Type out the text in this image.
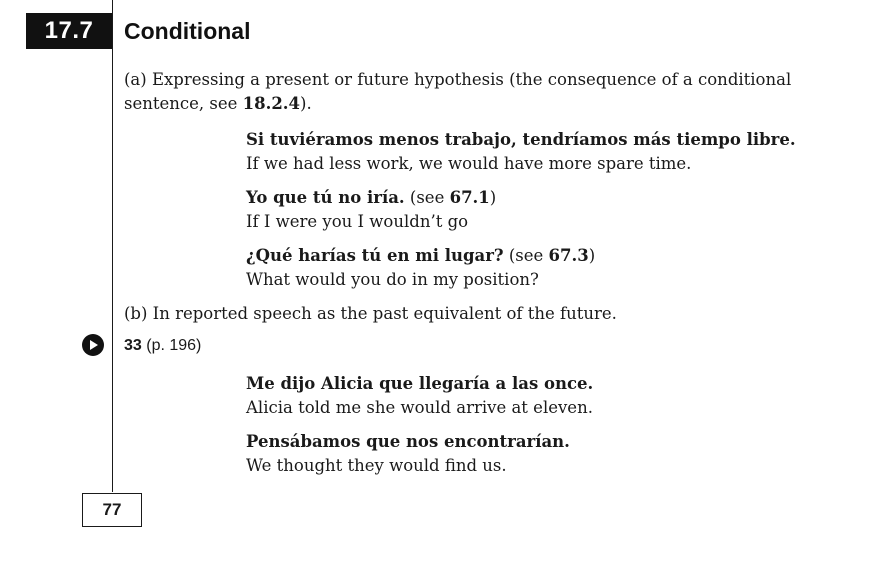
17.7	Conditional
(a) Expressing a present or future hypothesis (the consequence of a conditional sentence, see 18.2.4).
Si tuviéramos menos trabajo, tendríamos más tiempo libre.
If we had less work, we would have more spare time.
Yo que tú no iría. (see 67.1)
If I were you I wouldn’t go
¿Qué harías tú en mi lugar? (see 67.3)
What would you do in my position?
(b) In reported speech as the past equivalent of the future.
33 (p. 196)
Me dijo Alicia que llegaría a las once.
Alicia told me she would arrive at eleven.
Pensábamos que nos encontrarían.
We thought they would find us.
77
